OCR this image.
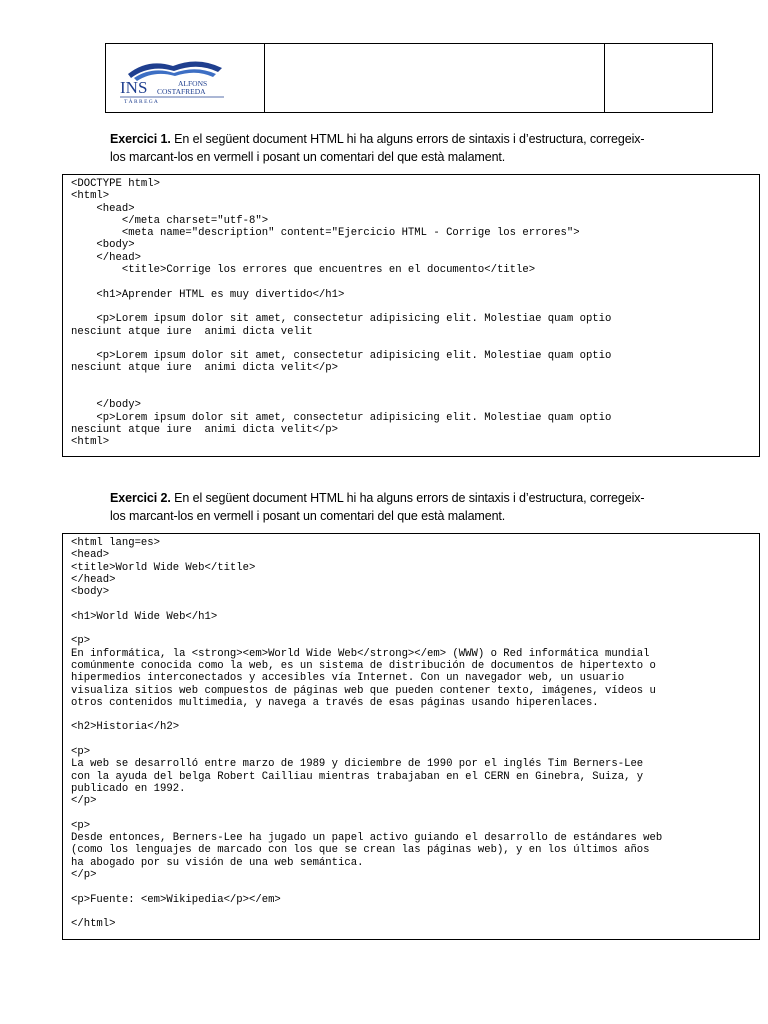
INS	ALFONS
COSTAFREDA
T À R R E G A
Exercici 1. En el següent document HTML hi ha alguns errors de sintaxis i d’estructura, corregeix-
los marcant-los en vermell i posant un comentari del que està malament.
<DOCTYPE html>
<html>
<head>
</meta charset="utf-8">
<meta name="description" content="Ejercicio HTML - Corrige los errores">
<body>
</head>
<title>Corrige los errores que encuentres en el documento</title>

<h1>Aprender HTML es muy divertido</h1>

<p>Lorem ipsum dolor sit amet, consectetur adipisicing elit. Molestiae quam optio
nesciunt atque iure  animi dicta velit

<p>Lorem ipsum dolor sit amet, consectetur adipisicing elit. Molestiae quam optio
nesciunt atque iure  animi dicta velit</p>

</body>
<p>Lorem ipsum dolor sit amet, consectetur adipisicing elit. Molestiae quam optio
nesciunt atque iure  animi dicta velit</p>
<html>
Exercici 2. En el següent document HTML hi ha alguns errors de sintaxis i d’estructura, corregeix-
los marcant-los en vermell i posant un comentari del que està malament.
<html lang=es>
<head>
<title>World Wide Web</title>
</head>
<body>

<h1>World Wide Web</h1>

<p>
En informática, la <strong><em>World Wide Web</strong></em> (WWW) o Red informática mundial
comúnmente conocida como la web, es un sistema de distribución de documentos de hipertexto o
hipermedios interconectados y accesibles vía Internet. Con un navegador web, un usuario
visualiza sitios web compuestos de páginas web que pueden contener texto, imágenes, vídeos u
otros contenidos multimedia, y navega a través de esas páginas usando hiperenlaces.

<h2>Historia</h2>

<p>
La web se desarrolló entre marzo de 1989 y diciembre de 1990 por el inglés Tim Berners-Lee
con la ayuda del belga Robert Cailliau mientras trabajaban en el CERN en Ginebra, Suiza, y
publicado en 1992.
</p>

<p>
Desde entonces, Berners-Lee ha jugado un papel activo guiando el desarrollo de estándares web
(como los lenguajes de marcado con los que se crean las páginas web), y en los últimos años
ha abogado por su visión de una web semántica.
</p>

<p>Fuente: <em>Wikipedia</p></em>

</html>
